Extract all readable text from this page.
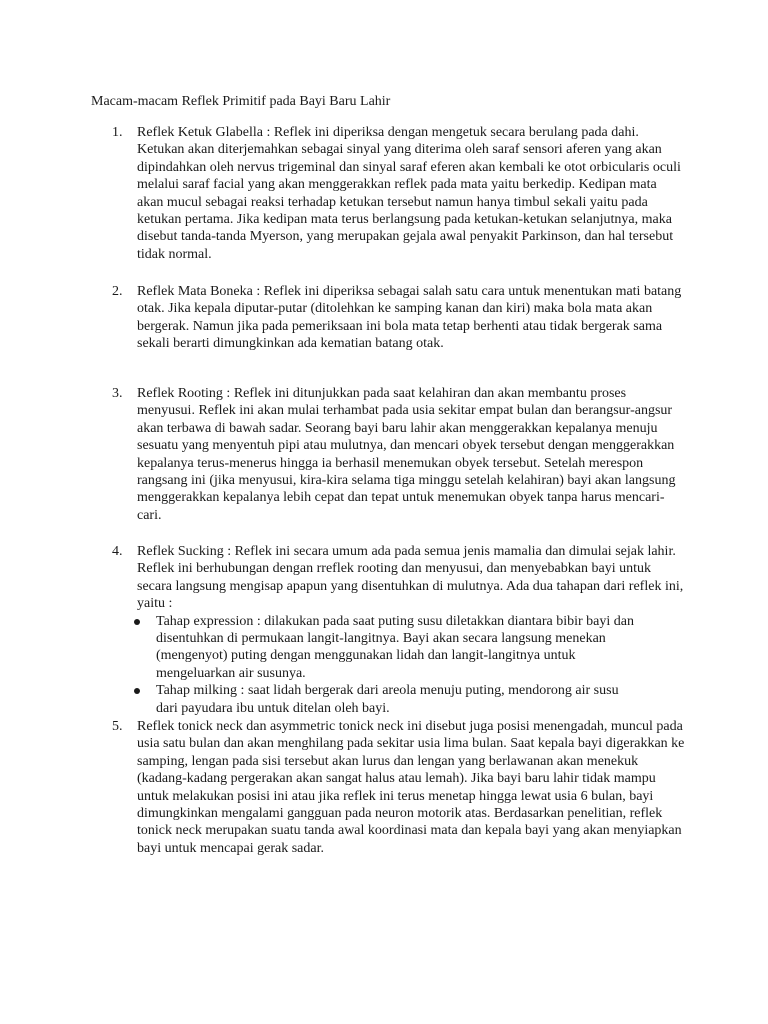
Macam-macam Reflek Primitif pada Bayi Baru Lahir
1. Reflek Ketuk Glabella : Reflek ini diperiksa dengan mengetuk secara berulang pada dahi. Ketukan akan diterjemahkan sebagai sinyal yang diterima oleh saraf sensori aferen yang akan dipindahkan oleh nervus trigeminal dan sinyal saraf eferen akan kembali ke otot orbicularis oculi melalui saraf facial yang akan menggerakkan reflek pada mata yaitu berkedip. Kedipan mata akan mucul sebagai reaksi terhadap ketukan tersebut namun hanya timbul sekali yaitu pada ketukan pertama. Jika kedipan mata terus berlangsung pada ketukan-ketukan selanjutnya, maka disebut tanda-tanda Myerson, yang merupakan gejala awal penyakit Parkinson, dan hal tersebut tidak normal.

2. Reflek Mata Boneka : Reflek ini diperiksa sebagai salah satu cara untuk menentukan mati batang otak. Jika kepala diputar-putar (ditolehkan ke samping kanan dan kiri) maka bola mata akan bergerak. Namun jika pada pemeriksaan ini bola mata tetap berhenti atau tidak bergerak sama sekali berarti dimungkinkan ada kematian batang otak.

3. Reflek Rooting : Reflek ini ditunjukkan pada saat kelahiran dan akan membantu proses menyusui. Reflek ini akan mulai terhambat pada usia sekitar empat bulan dan berangsur-angsur akan terbawa di bawah sadar. Seorang bayi baru lahir akan menggerakkan kepalanya menuju sesuatu yang menyentuh pipi atau mulutnya, dan mencari obyek tersebut dengan menggerakkan kepalanya terus-menerus hingga ia berhasil menemukan obyek tersebut. Setelah merespon rangsang ini (jika menyusui, kira-kira selama tiga minggu setelah kelahiran) bayi akan langsung menggerakkan kepalanya lebih cepat dan tepat untuk menemukan obyek tanpa harus mencari-cari.

4. Reflek Sucking : Reflek ini secara umum ada pada semua jenis mamalia dan dimulai sejak lahir. Reflek ini berhubungan dengan rreflek rooting dan menyusui, dan menyebabkan bayi untuk secara langsung mengisap apapun yang disentuhkan di mulutnya. Ada dua tahapan dari reflek ini, yaitu :

Tahap expression : dilakukan pada saat puting susu diletakkan diantara bibir bayi dan disentuhkan di permukaan langit-langitnya. Bayi akan secara langsung menekan (mengenyot) puting dengan menggunakan lidah dan langit-langitnya untuk mengeluarkan air susunya.
Tahap milking : saat lidah bergerak dari areola menuju puting, mendorong air susu dari payudara ibu untuk ditelan oleh bayi.
5. Reflek tonick neck dan asymmetric tonick neck ini disebut juga posisi menengadah, muncul pada usia satu bulan dan akan menghilang pada sekitar usia lima bulan. Saat kepala bayi digerakkan ke samping, lengan pada sisi tersebut akan lurus dan lengan yang berlawanan akan menekuk (kadang-kadang pergerakan akan sangat halus atau lemah). Jika bayi baru lahir tidak mampu untuk melakukan posisi ini atau jika reflek ini terus menetap hingga lewat usia 6 bulan, bayi dimungkinkan mengalami gangguan pada neuron motorik atas. Berdasarkan penelitian, reflek tonick neck merupakan suatu tanda awal koordinasi mata dan kepala bayi yang akan menyiapkan bayi untuk mencapai gerak sadar.
